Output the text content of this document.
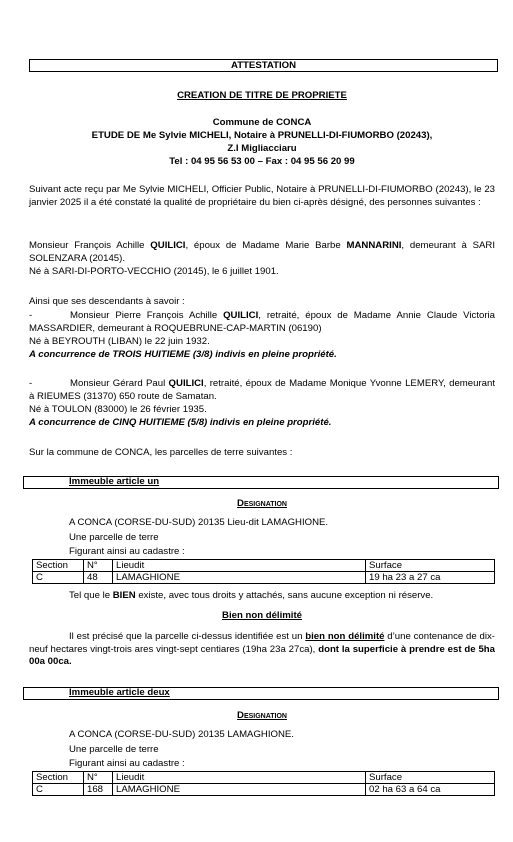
ATTESTATION
CREATION DE TITRE DE PROPRIETE
Commune de CONCA
ETUDE DE Me Sylvie MICHELI, Notaire à PRUNELLI-DI-FIUMORBO (20243),
Z.I Migliacciaru
Tel : 04 95 56 53 00 – Fax : 04 95 56 20 99
Suivant acte reçu par Me Sylvie MICHELI, Officier Public, Notaire à PRUNELLI-DI-FIUMORBO (20243), le 23 janvier 2025 il a été constaté la qualité de propriétaire du bien ci-après désigné, des personnes suivantes :
Monsieur François Achille QUILICI, époux de Madame Marie Barbe MANNARINI, demeurant à SARI SOLENZARA (20145).
Né à SARI-DI-PORTO-VECCHIO (20145), le 6 juillet 1901.
Ainsi que ses descendants à savoir :
-	Monsieur Pierre François Achille QUILICI, retraité, époux de Madame Annie Claude Victoria MASSARDIER, demeurant à ROQUEBRUNE-CAP-MARTIN (06190)
Né à BEYROUTH (LIBAN) le 22 juin 1932.
A concurrence de TROIS HUITIEME (3/8) indivis en pleine propriété.
-	Monsieur Gérard Paul QUILICI, retraité, époux de Madame Monique Yvonne LEMERY, demeurant à RIEUMES (31370) 650 route de Samatan.
Né à TOULON (83000) le 26 février 1935.
A concurrence de CINQ HUITIEME (5/8) indivis en pleine propriété.
Sur la commune de CONCA, les parcelles de terre suivantes :
Immeuble article un
Designation
A CONCA (CORSE-DU-SUD) 20135 Lieu-dit LAMAGHIONE.
Une parcelle de terre
Figurant ainsi au cadastre :
Section	N°	Lieudit	Surface
C	48	LAMAGHIONE	19 ha 23 a 27 ca
Tel que le BIEN existe, avec tous droits y attachés, sans aucune exception ni réserve.
Bien non délimité
Il est précisé que la parcelle ci-dessus identifiée est un bien non délimité d’une contenance de dix-neuf hectares vingt-trois ares vingt-sept centiares (19ha 23a 27ca), dont la superficie à prendre est de 5ha 00a 00ca.
Immeuble article deux
Designation
A CONCA (CORSE-DU-SUD) 20135 LAMAGHIONE.
Une parcelle de terre
Figurant ainsi au cadastre :
Section	N°	Lieudit	Surface
C	168	LAMAGHIONE	02 ha 63 a 64 ca
